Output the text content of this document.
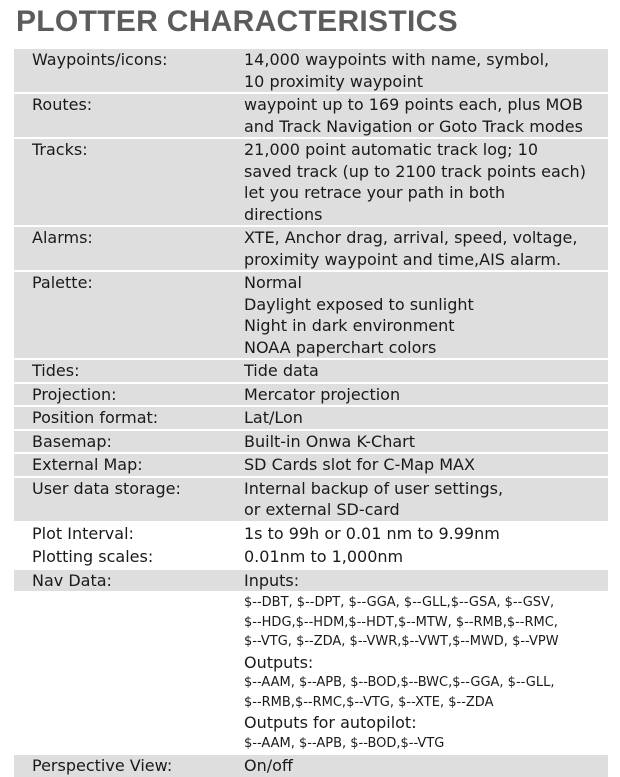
PLOTTER CHARACTERISTICS
Waypoints/icons:	14,000 waypoints with name, symbol,
10 proximity waypoint
Routes:	waypoint up to 169 points each, plus MOB
and Track Navigation or Goto Track modes
Tracks:	21,000 point automatic track log; 10
saved track (up to 2100 track points each)
let you retrace your path in both
directions
Alarms:	XTE, Anchor drag, arrival, speed, voltage,
proximity waypoint and time,AIS alarm.
Palette:	Normal
Daylight exposed to sunlight
Night in dark environment
NOAA paperchart colors
Tides:	Tide data
Projection:	Mercator projection
Position format:	Lat/Lon
Basemap:	Built-in Onwa K-Chart
External Map:	SD Cards slot for C-Map MAX
User data storage:	Internal backup of user settings,
or external SD-card
Plot Interval:	1s to 99h or 0.01 nm to 9.99nm
Plotting scales:	0.01nm to 1,000nm
Nav Data:	Inputs:
$--DBT, $--DPT, $--GGA, $--GLL,$--GSA, $--GSV,
$--HDG,$--HDM,$--HDT,$--MTW, $--RMB,$--RMC,
$--VTG, $--ZDA, $--VWR,$--VWT,$--MWD, $--VPW
Outputs:
$--AAM, $--APB, $--BOD,$--BWC,$--GGA, $--GLL,
$--RMB,$--RMC,$--VTG, $--XTE, $--ZDA
Outputs for autopilot:
$--AAM, $--APB, $--BOD,$--VTG
Perspective View:	On/off
